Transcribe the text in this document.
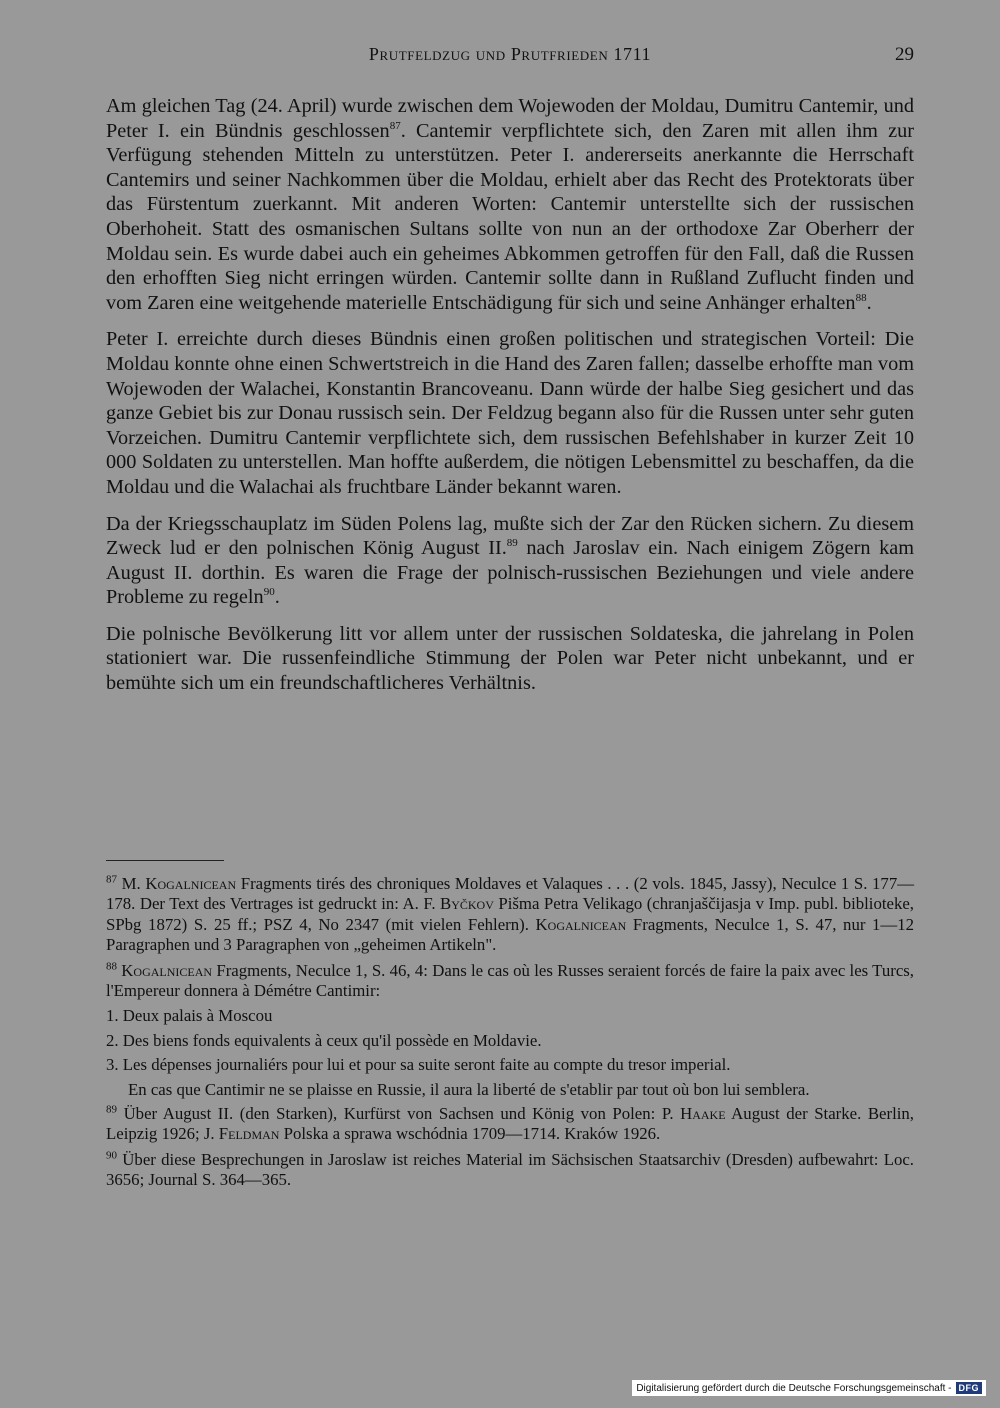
Prutfeldzug und Prutfrieden 1711	29

Am gleichen Tag (24. April) wurde zwischen dem Wojewoden der Moldau, Dumitru Cantemir, und Peter I. ein Bündnis geschlossen$^{87}$. Cantemir verpflichtete sich, den Zaren mit allen ihm zur Verfügung stehenden Mitteln zu unterstützen. Peter I. andererseits anerkannte die Herrschaft Cantemirs und seiner Nachkommen über die Moldau, erhielt aber das Recht des Protektorats über das Fürstentum zuerkannt. Mit anderen Worten: Cantemir unterstellte sich der russischen Oberhoheit. Statt des osmanischen Sultans sollte von nun an der orthodoxe Zar Oberherr der Moldau sein. Es wurde dabei auch ein geheimes Abkommen getroffen für den Fall, daß die Russen den erhofften Sieg nicht erringen würden. Cantemir sollte dann in Rußland Zuflucht finden und vom Zaren eine weitgehende materielle Entschädigung für sich und seine Anhänger erhalten$^{88}$.

Peter I. erreichte durch dieses Bündnis einen großen politischen und strategischen Vorteil: Die Moldau konnte ohne einen Schwertstreich in die Hand des Zaren fallen; dasselbe erhoffte man vom Wojewoden der Walachei, Konstantin Brancoveanu. Dann würde der halbe Sieg gesichert und das ganze Gebiet bis zur Donau russisch sein. Der Feldzug begann also für die Russen unter sehr guten Vorzeichen. Dumitru Cantemir verpflichtete sich, dem russischen Befehlshaber in kurzer Zeit 10 000 Soldaten zu unterstellen. Man hoffte außerdem, die nötigen Lebensmittel zu beschaffen, da die Moldau und die Walachai als fruchtbare Länder bekannt waren.

Da der Kriegsschauplatz im Süden Polens lag, mußte sich der Zar den Rücken sichern. Zu diesem Zweck lud er den polnischen König August II.$^{89}$ nach Jaroslav ein. Nach einigem Zögern kam August II. dorthin. Es waren die Frage der polnisch-russischen Beziehungen und viele andere Probleme zu regeln$^{90}$.

Die polnische Bevölkerung litt vor allem unter der russischen Soldateska, die jahrelang in Polen stationiert war. Die russenfeindliche Stimmung der Polen war Peter nicht unbekannt, und er bemühte sich um ein freundschaftlicheres Verhältnis.

$^{87}$ M. Kogalnicean Fragments tirés des chroniques Moldaves et Valaques . . . (2 vols. 1845, Jassy), Neculce 1 S. 177—178. Der Text des Vertrages ist gedruckt in: A. F. Byčkov Pišma Petra Velikago (chranjaščijasja v Imp. publ. biblioteke, SPbg 1872) S. 25 ff.; PSZ 4, No 2347 (mit vielen Fehlern). Kogalnicean Fragments, Neculce 1, S. 47, nur 1—12 Paragraphen und 3 Paragraphen von „geheimen Artikeln".
$^{88}$ Kogalnicean Fragments, Neculce 1, S. 46, 4: Dans le cas où les Russes seraient forcés de faire la paix avec les Turcs, l'Empereur donnera à Démétre Cantimir:
1. Deux palais à Moscou
2. Des biens fonds equivalents à ceux qu'il possède en Moldavie.
3. Les dépenses journaliérs pour lui et pour sa suite seront faite au compte du tresor imperial.
En cas que Cantimir ne se plaisse en Russie, il aura la liberté de s'etablir par tout où bon lui semblera.
$^{89}$ Über August II. (den Starken), Kurfürst von Sachsen und König von Polen: P. Haake August der Starke. Berlin, Leipzig 1926; J. Feldman Polska a sprawa wschódnia 1709—1714. Kraków 1926.
$^{90}$ Über diese Besprechungen in Jaroslaw ist reiches Material im Sächsischen Staatsarchiv (Dresden) aufbewahrt: Loc. 3656; Journal S. 364—365.
Digitalisierung gefördert durch die Deutsche Forschungsgemeinschaft - DFG
